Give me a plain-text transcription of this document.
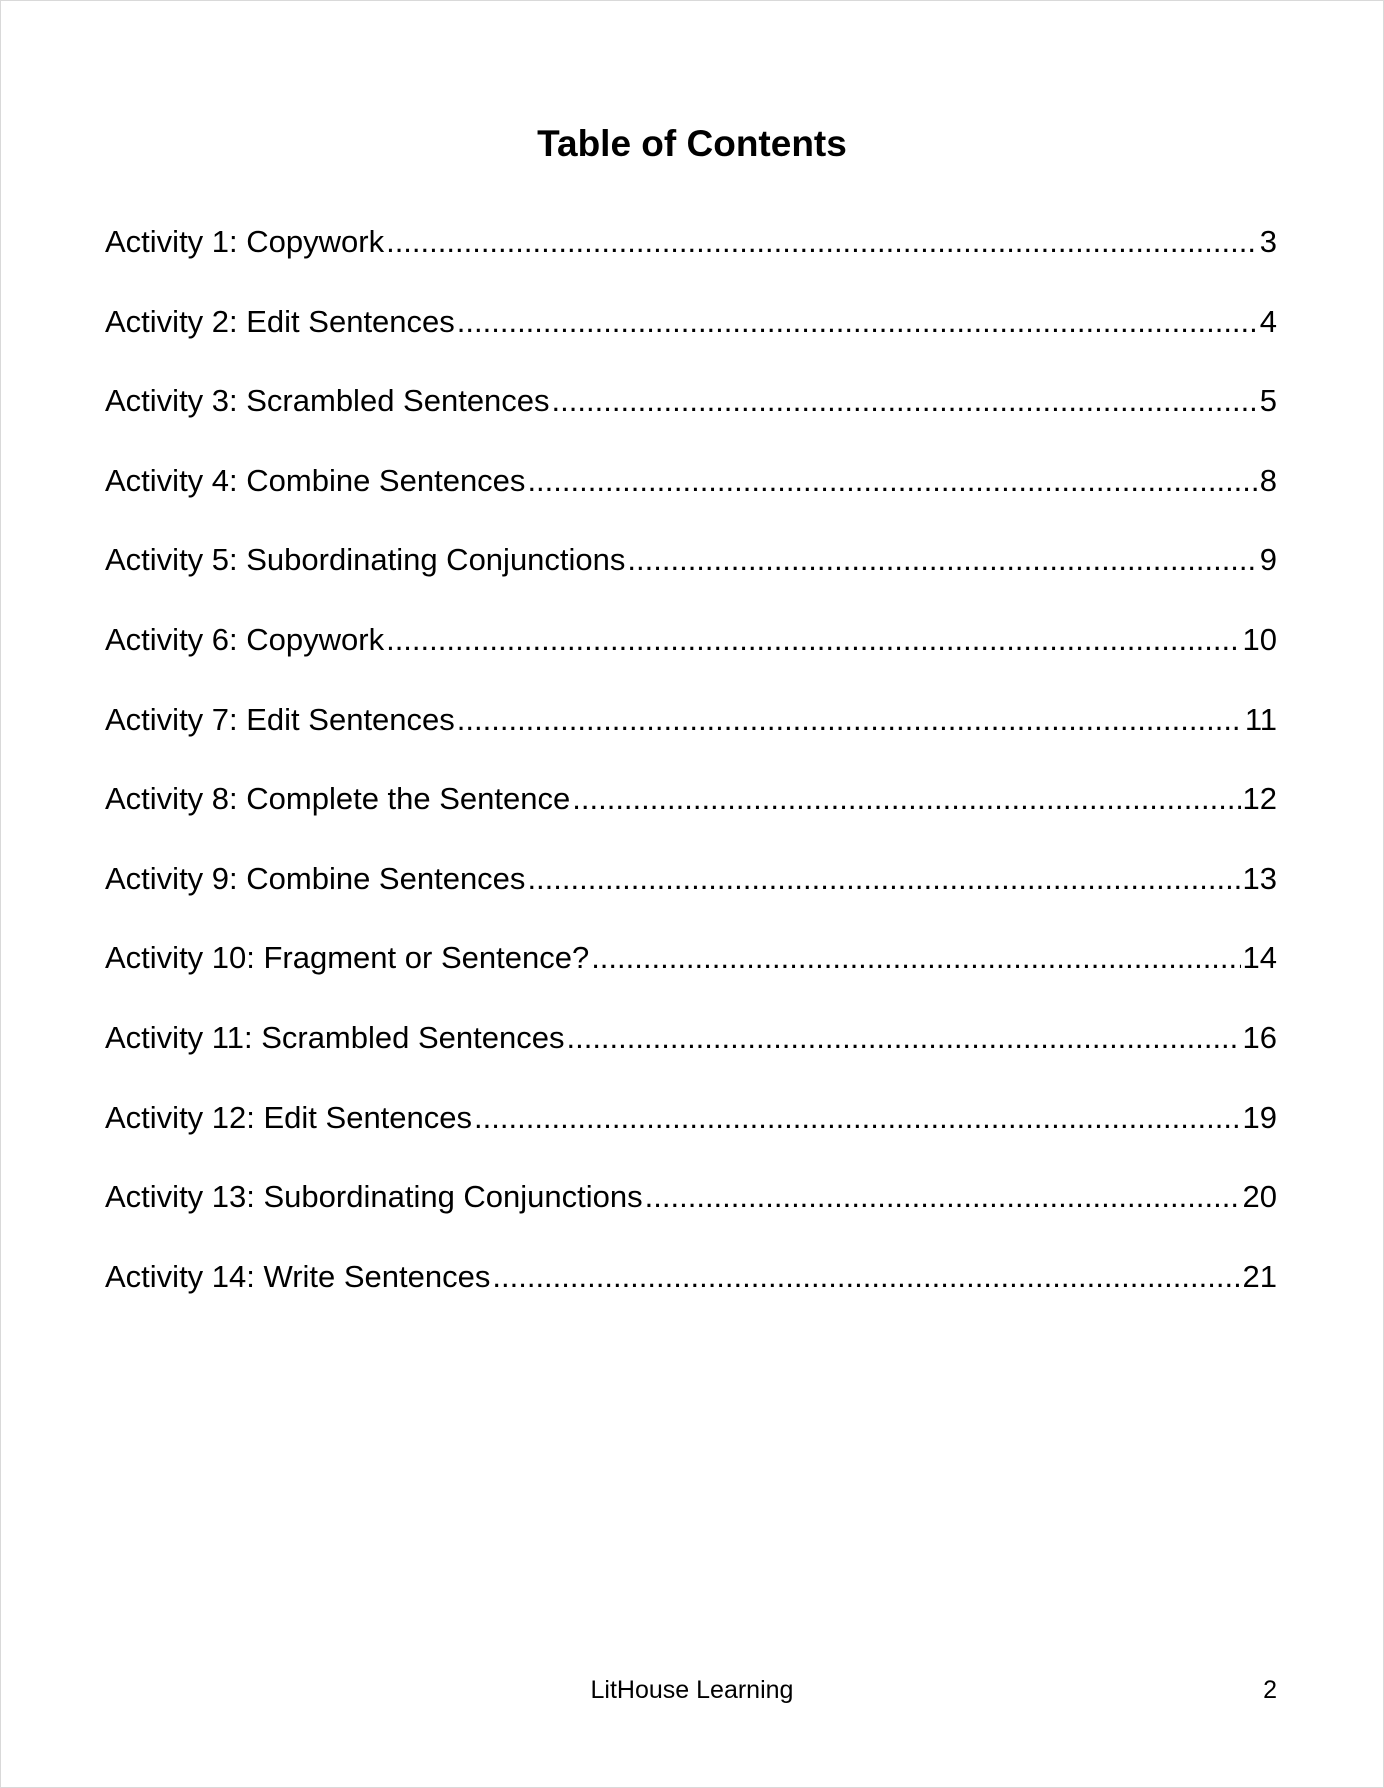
Table of Contents
Activity 1: Copywork .....	3
Activity 2: Edit Sentences .....	4
Activity 3: Scrambled Sentences .....	5
Activity 4: Combine Sentences .....	8
Activity 5: Subordinating Conjunctions .....	9
Activity 6: Copywork .....	10
Activity 7: Edit Sentences .....	11
Activity 8: Complete the Sentence .....	12
Activity 9: Combine Sentences .....	13
Activity 10: Fragment or Sentence? .....	14
Activity 11: Scrambled Sentences .....	16
Activity 12: Edit Sentences .....	19
Activity 13: Subordinating Conjunctions .....	20
Activity 14: Write Sentences .....	21
LitHouse Learning	2
